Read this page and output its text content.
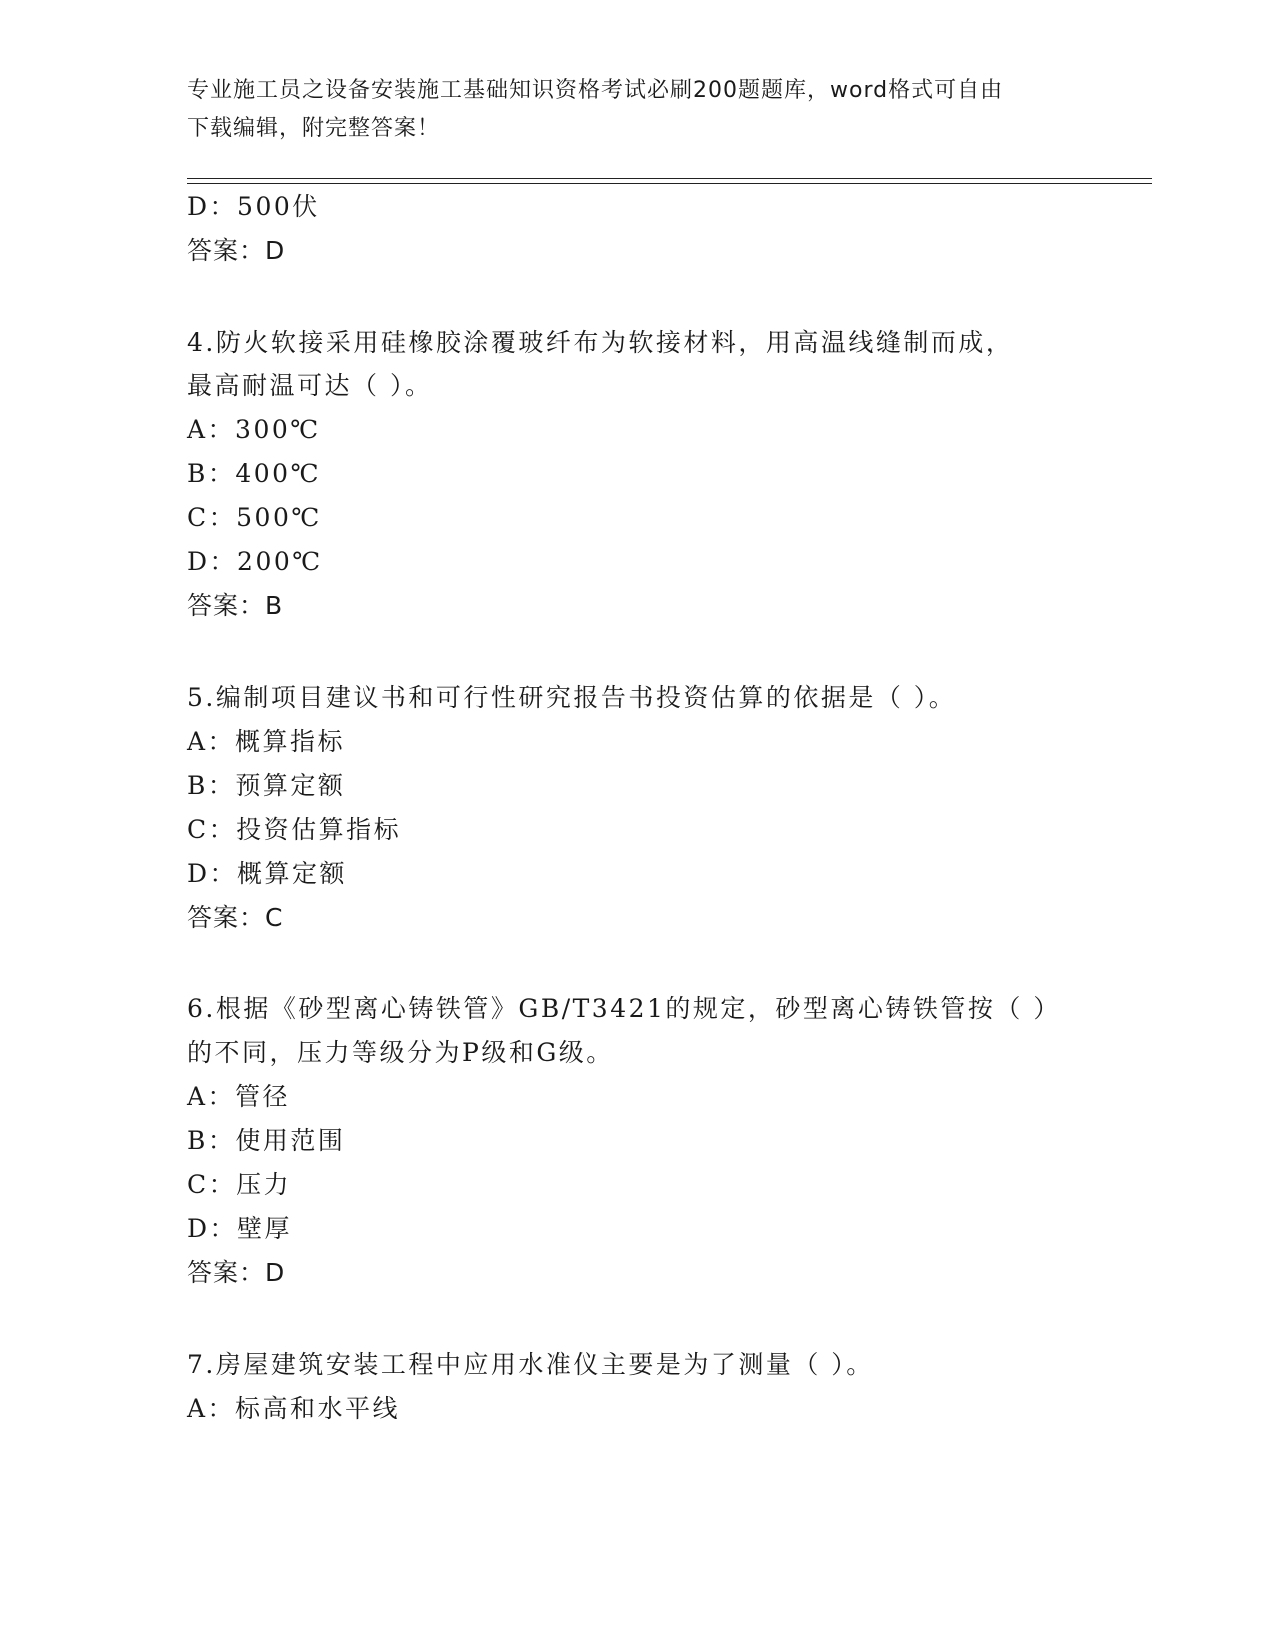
专业施工员之设备安装施工基础知识资格考试必刷200题题库，word格式可自由
下载编辑，附完整答案！
D：500伏
答案：D
4.防火软接采用硅橡胶涂覆玻纤布为软接材料，用高温线缝制而成，
最高耐温可达（ ）。
A：300℃
B：400℃
C：500℃
D：200℃
答案：B
5.编制项目建议书和可行性研究报告书投资估算的依据是（ ）。
A：概算指标
B：预算定额
C：投资估算指标
D：概算定额
答案：C
6.根据《砂型离心铸铁管》GB/T3421的规定，砂型离心铸铁管按（ ）
的不同，压力等级分为P级和G级。
A：管径
B：使用范围
C：压力
D：壁厚
答案：D
7.房屋建筑安装工程中应用水准仪主要是为了测量（ ）。
A：标高和水平线
